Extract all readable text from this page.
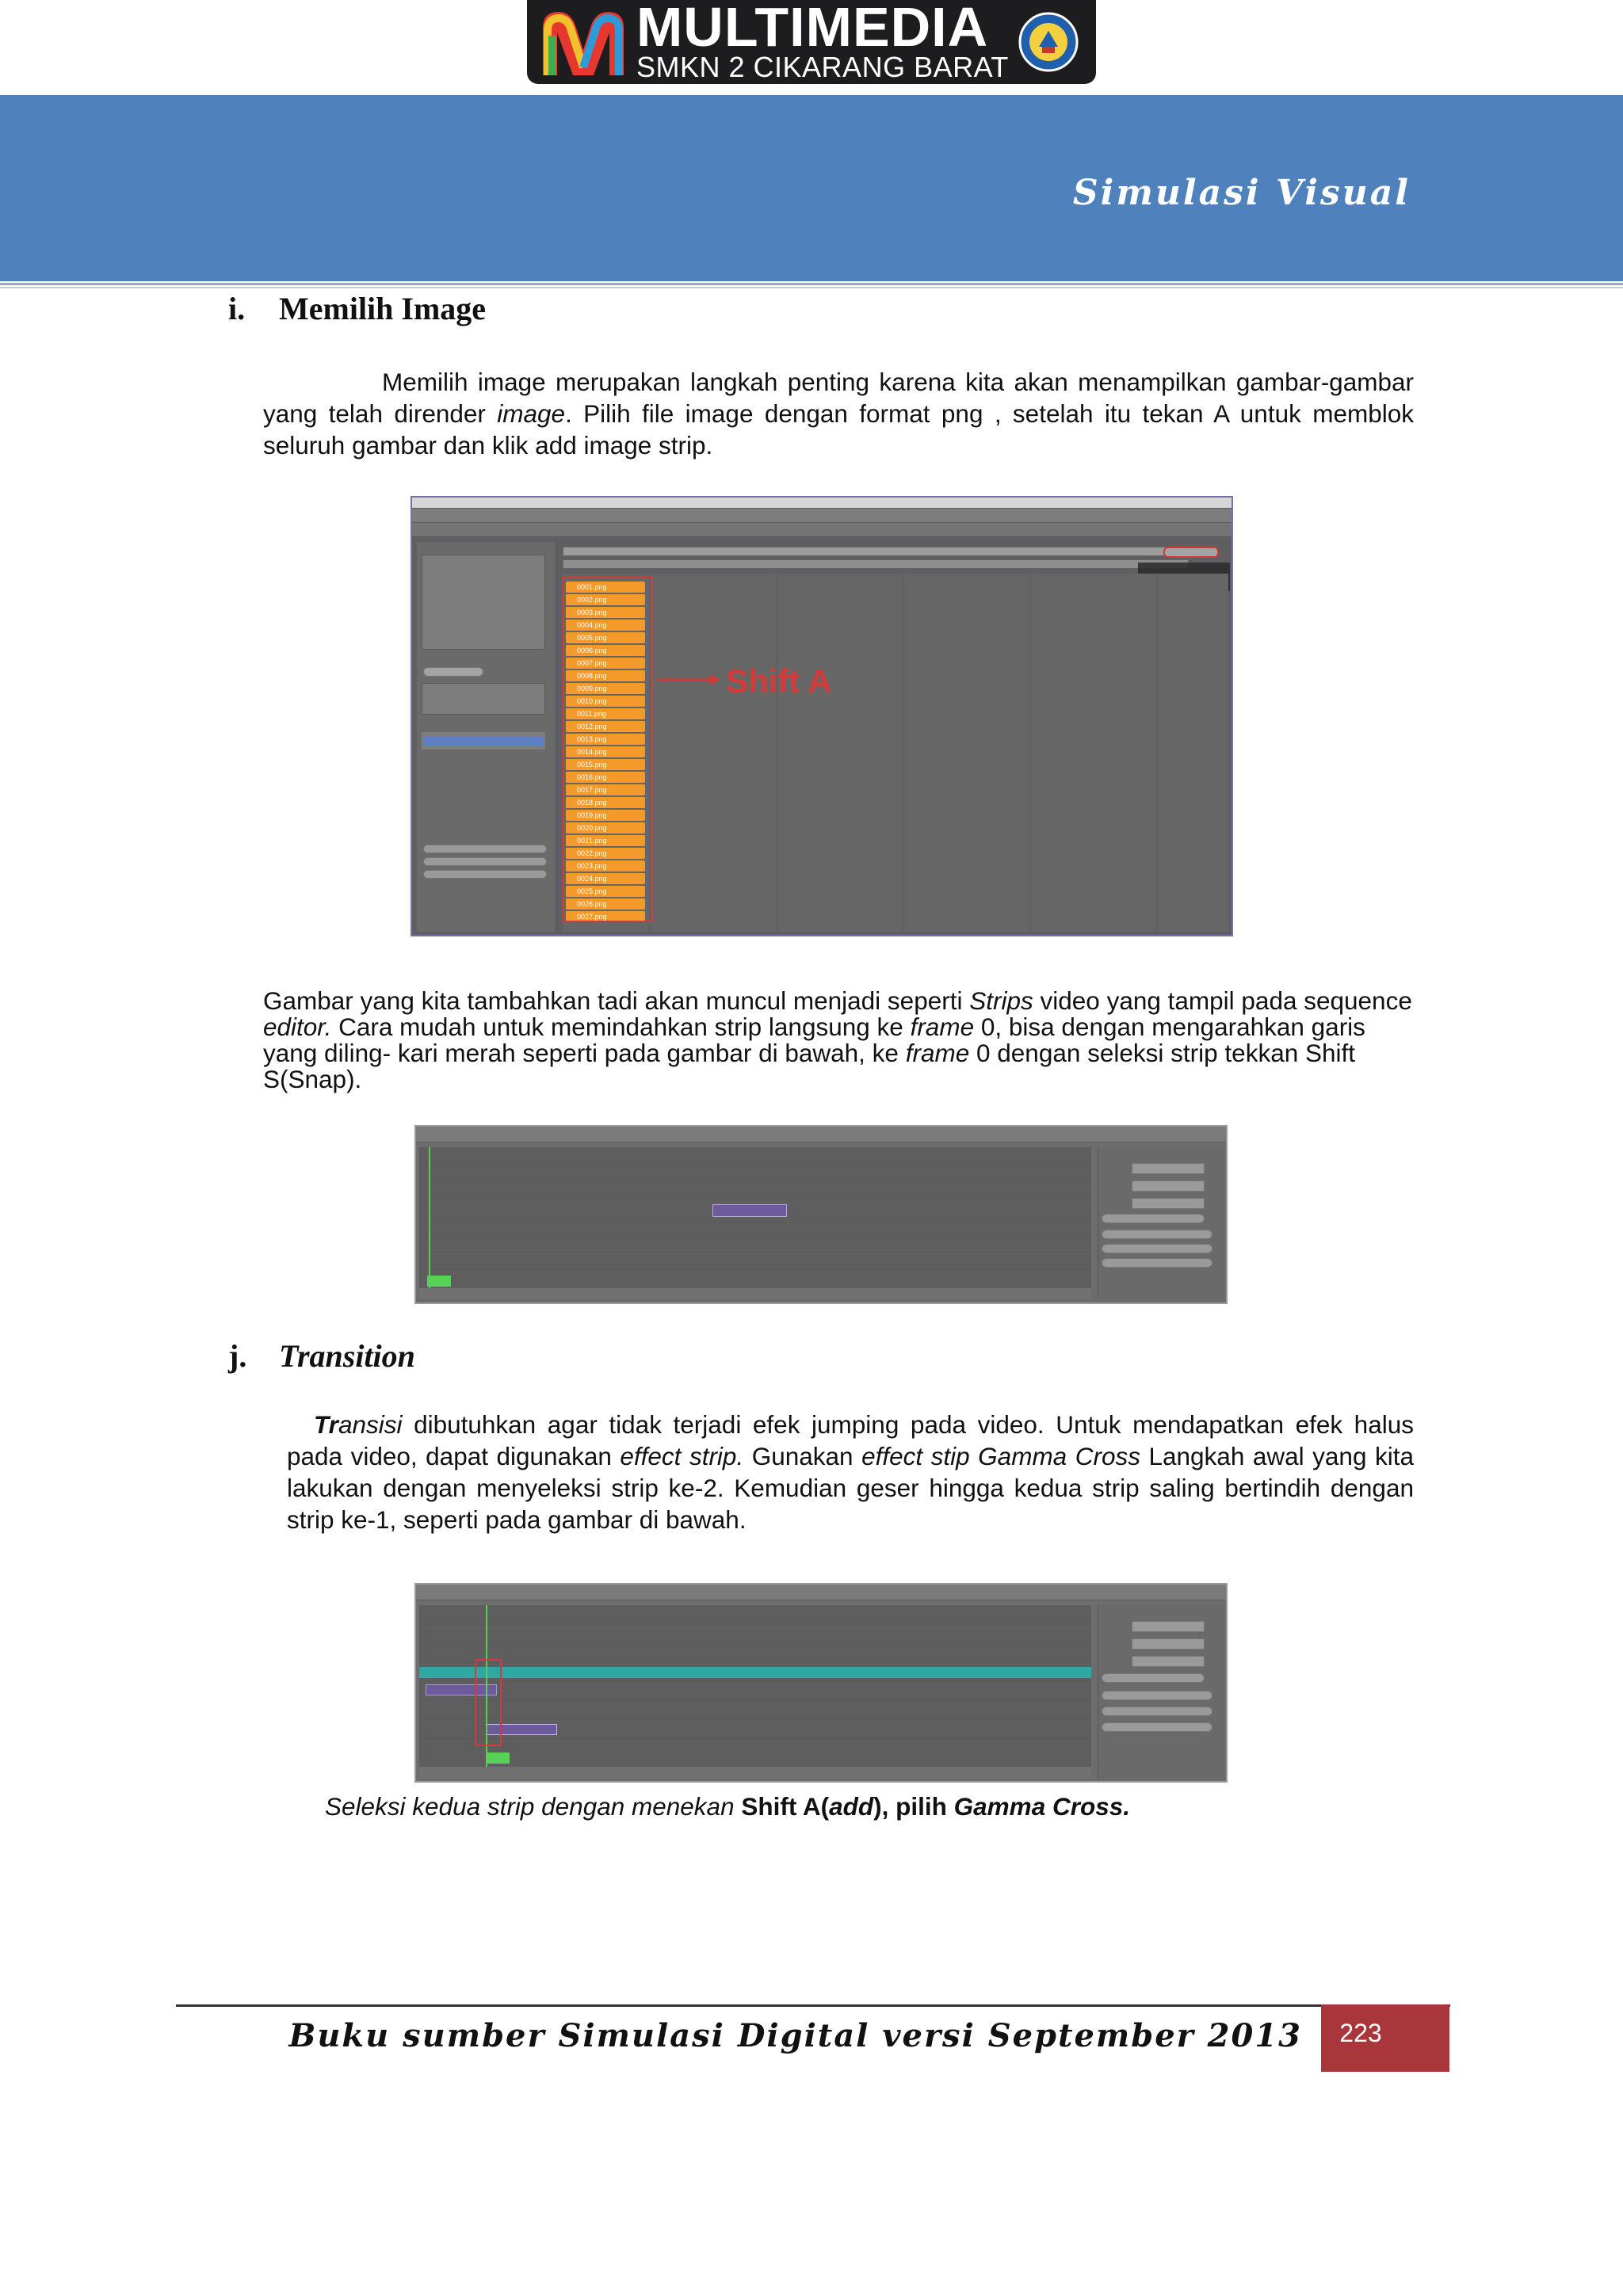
MULTIMEDIA
SMKN 2 CIKARANG BARAT
Simulasi Visual
i. Memilih Image
Memilih image merupakan langkah penting karena kita akan menampilkan gambar-gambar yang telah dirender image. Pilih file image dengan format png , setelah itu tekan A untuk memblok seluruh gambar dan klik add image strip.
0001.png
0002.png
0003.png
0004.png
0005.png
0006.png
0007.png
0008.png
0009.png
0010.png
0011.png
0012.png
0013.png
0014.png
0015.png
0016.png
0017.png
0018.png
0019.png
0020.png
0021.png
0022.png
0023.png
0024.png
0025.png
0026.png
0027.png
Shift A
Gambar yang kita tambahkan tadi akan muncul menjadi seperti Strips video yang tampil pada sequence editor. Cara mudah untuk memindahkan strip langsung ke frame 0, bisa dengan mengarahkan garis yang diling- kari merah seperti pada gambar di bawah, ke frame 0 dengan seleksi strip tekkan Shift S(Snap).
j. Transition
Transisi dibutuhkan agar tidak terjadi efek jumping pada video. Untuk mendapatkan efek halus pada video, dapat digunakan effect strip. Gunakan effect stip Gamma Cross Langkah awal yang kita lakukan dengan menyeleksi strip ke-2. Kemudian geser hingga kedua strip saling bertindih dengan strip ke-1, seperti pada gambar di bawah.
Seleksi kedua strip dengan menekan Shift A(add), pilih Gamma Cross.
Buku sumber Simulasi Digital versi September 2013	223
